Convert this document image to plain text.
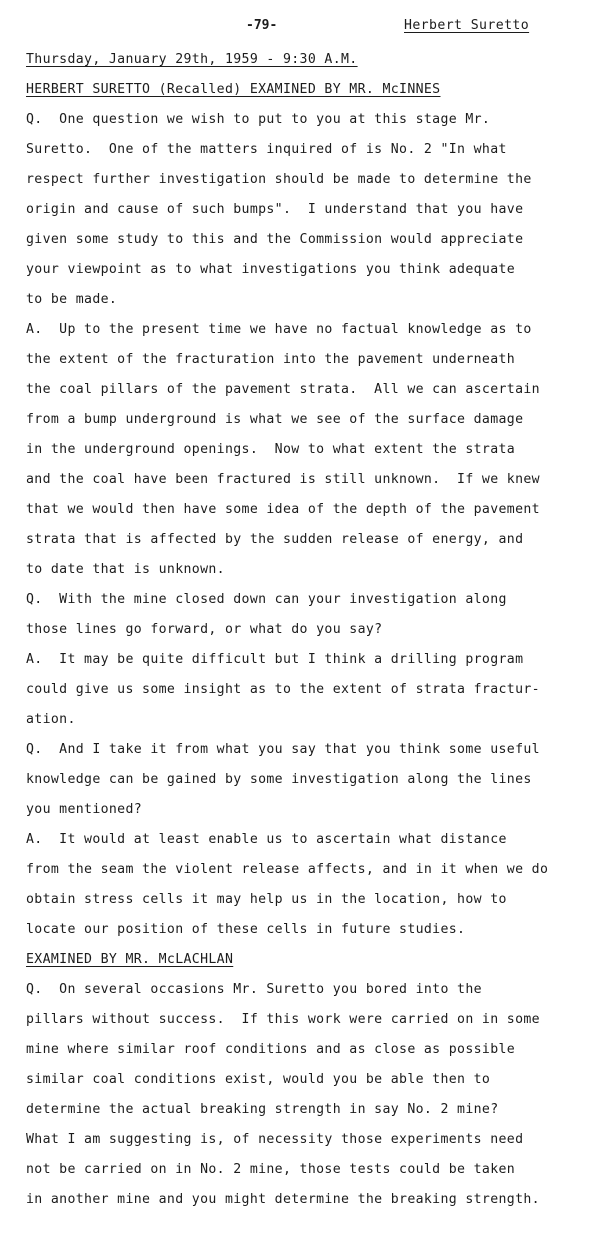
-79-	Herbert Suretto
Thursday, January 29th, 1959 - 9:30 A.M.
HERBERT SURETTO (Recalled) EXAMINED BY MR. McINNES
Q.  One question we wish to put to you at this stage Mr.
Suretto.  One of the matters inquired of is No. 2 "In what
respect further investigation should be made to determine the
origin and cause of such bumps".  I understand that you have
given some study to this and the Commission would appreciate
your viewpoint as to what investigations you think adequate
to be made.
A.  Up to the present time we have no factual knowledge as to
the extent of the fracturation into the pavement underneath
the coal pillars of the pavement strata.  All we can ascertain
from a bump underground is what we see of the surface damage
in the underground openings.  Now to what extent the strata
and the coal have been fractured is still unknown.  If we knew
that we would then have some idea of the depth of the pavement
strata that is affected by the sudden release of energy, and
to date that is unknown.
Q.  With the mine closed down can your investigation along
those lines go forward, or what do you say?
A.  It may be quite difficult but I think a drilling program
could give us some insight as to the extent of strata fractur-
ation.
Q.  And I take it from what you say that you think some useful
knowledge can be gained by some investigation along the lines
you mentioned?
A.  It would at least enable us to ascertain what distance
from the seam the violent release affects, and in it when we do
obtain stress cells it may help us in the location, how to
locate our position of these cells in future studies.
EXAMINED BY MR. McLACHLAN
Q.  On several occasions Mr. Suretto you bored into the
pillars without success.  If this work were carried on in some
mine where similar roof conditions and as close as possible
similar coal conditions exist, would you be able then to
determine the actual breaking strength in say No. 2 mine?
What I am suggesting is, of necessity those experiments need
not be carried on in No. 2 mine, those tests could be taken
in another mine and you might determine the breaking strength.
